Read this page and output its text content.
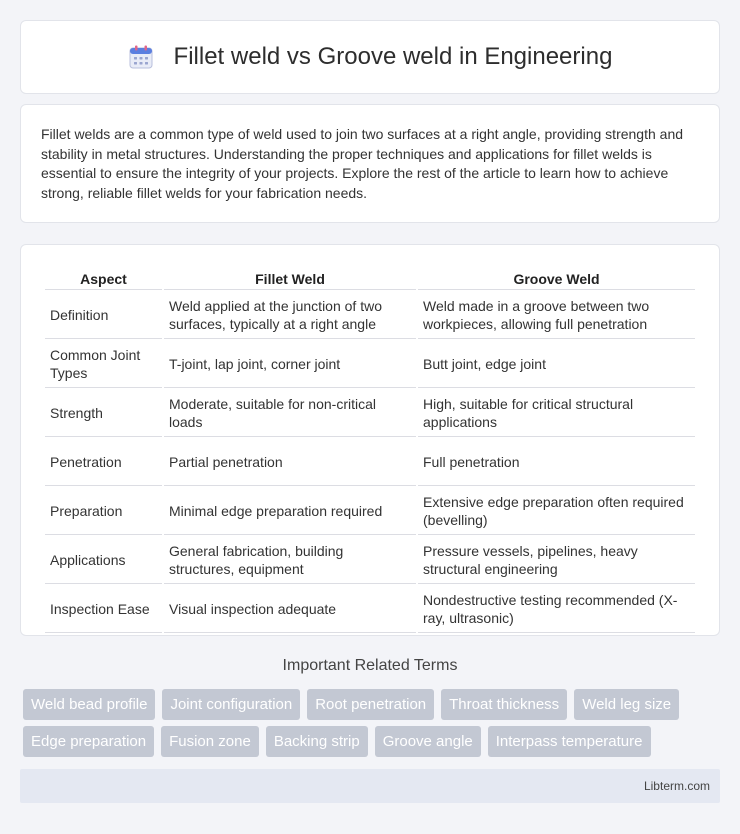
Fillet weld vs Groove weld in Engineering

Fillet welds are a common type of weld used to join two surfaces at a right angle, providing strength and stability in metal structures. Understanding the proper techniques and applications for fillet welds is essential to ensure the integrity of your projects. Explore the rest of the article to learn how to achieve strong, reliable fillet welds for your fabrication needs.

Aspect	Fillet Weld	Groove Weld
Definition	Weld applied at the junction of two surfaces, typically at a right angle	Weld made in a groove between two workpieces, allowing full penetration
Common Joint Types	T-joint, lap joint, corner joint	Butt joint, edge joint
Strength	Moderate, suitable for non-critical loads	High, suitable for critical structural applications
Penetration	Partial penetration	Full penetration
Preparation	Minimal edge preparation required	Extensive edge preparation often required (bevelling)
Applications	General fabrication, building structures, equipment	Pressure vessels, pipelines, heavy structural engineering
Inspection Ease	Visual inspection adequate	Nondestructive testing recommended (X-ray, ultrasonic)
Important Related Terms
Weld bead profile	Joint configuration	Root penetration	Throat thickness	Weld leg size
Edge preparation	Fusion zone	Backing strip	Groove angle	Interpass temperature
Libterm.com
